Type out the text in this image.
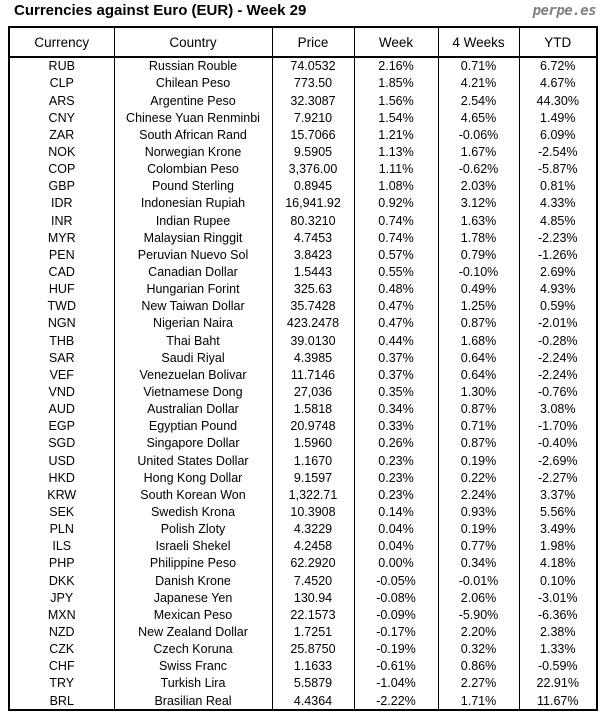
Currencies against Euro (EUR) - Week 29	perpe.es
Currency	Country	Price	Week	4 Weeks	YTD
RUB	Russian Rouble	74.0532	2.16%	0.71%	6.72%
CLP	Chilean Peso	773.50	1.85%	4.21%	4.67%
ARS	Argentine Peso	32.3087	1.56%	2.54%	44.30%
CNY	Chinese Yuan Renminbi	7.9210	1.54%	4.65%	1.49%
ZAR	South African Rand	15.7066	1.21%	-0.06%	6.09%
NOK	Norwegian Krone	9.5905	1.13%	1.67%	-2.54%
COP	Colombian Peso	3,376.00	1.11%	-0.62%	-5.87%
GBP	Pound Sterling	0.8945	1.08%	2.03%	0.81%
IDR	Indonesian Rupiah	16,941.92	0.92%	3.12%	4.33%
INR	Indian Rupee	80.3210	0.74%	1.63%	4.85%
MYR	Malaysian Ringgit	4.7453	0.74%	1.78%	-2.23%
PEN	Peruvian Nuevo Sol	3.8423	0.57%	0.79%	-1.26%
CAD	Canadian Dollar	1.5443	0.55%	-0.10%	2.69%
HUF	Hungarian Forint	325.63	0.48%	0.49%	4.93%
TWD	New Taiwan Dollar	35.7428	0.47%	1.25%	0.59%
NGN	Nigerian Naira	423.2478	0.47%	0.87%	-2.01%
THB	Thai Baht	39.0130	0.44%	1.68%	-0.28%
SAR	Saudi Riyal	4.3985	0.37%	0.64%	-2.24%
VEF	Venezuelan Bolivar	11.7146	0.37%	0.64%	-2.24%
VND	Vietnamese Dong	27,036	0.35%	1.30%	-0.76%
AUD	Australian Dollar	1.5818	0.34%	0.87%	3.08%
EGP	Egyptian Pound	20.9748	0.33%	0.71%	-1.70%
SGD	Singapore Dollar	1.5960	0.26%	0.87%	-0.40%
USD	United States Dollar	1.1670	0.23%	0.19%	-2.69%
HKD	Hong Kong Dollar	9.1597	0.23%	0.22%	-2.27%
KRW	South Korean Won	1,322.71	0.23%	2.24%	3.37%
SEK	Swedish Krona	10.3908	0.14%	0.93%	5.56%
PLN	Polish Zloty	4.3229	0.04%	0.19%	3.49%
ILS	Israeli Shekel	4.2458	0.04%	0.77%	1.98%
PHP	Philippine Peso	62.2920	0.00%	0.34%	4.18%
DKK	Danish Krone	7.4520	-0.05%	-0.01%	0.10%
JPY	Japanese Yen	130.94	-0.08%	2.06%	-3.01%
MXN	Mexican Peso	22.1573	-0.09%	-5.90%	-6.36%
NZD	New Zealand Dollar	1.7251	-0.17%	2.20%	2.38%
CZK	Czech Koruna	25.8750	-0.19%	0.32%	1.33%
CHF	Swiss Franc	1.1633	-0.61%	0.86%	-0.59%
TRY	Turkish Lira	5.5879	-1.04%	2.27%	22.91%
BRL	Brasilian Real	4.4364	-2.22%	1.71%	11.67%
